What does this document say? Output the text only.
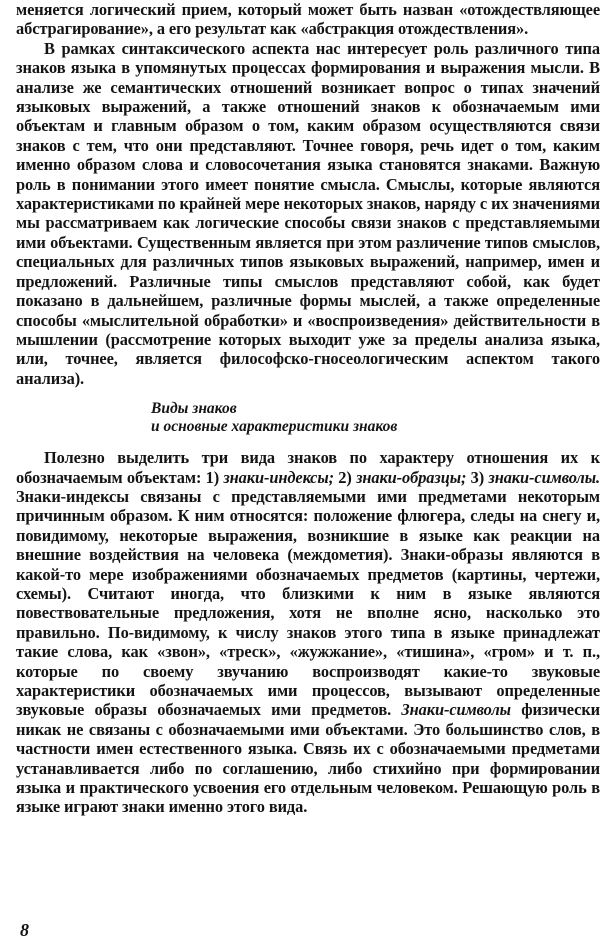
меняется логический прием, который может быть назван «отождествляющее абстрагирование», а его результат как «абстракция отождествления».

В рамках синтаксического аспекта нас интересует роль различного типа знаков языка в упомянутых процессах формирования и выражения мысли. В анализе же семантических отношений возникает вопрос о типах значений языковых выражений, а также отношений знаков к обозначаемым ими объектам и главным образом о том, каким образом осуществляются связи знаков с тем, что они представляют. Точнее говоря, речь идет о том, каким именно образом слова и словосочетания языка становятся знаками. Важную роль в понимании этого имеет понятие смысла. Смыслы, которые являются характеристиками по крайней мере некоторых знаков, наряду с их значениями мы рассматриваем как логические способы связи знаков с представляемыми ими объектами. Существенным является при этом различение типов смыслов, специальных для различных типов языковых выражений, например, имен и предложений. Различные типы смыслов представляют собой, как будет показано в дальнейшем, различные формы мыслей, а также определенные способы «мыслительной обработки» и «воспроизведения» действительности в мышлении (рассмотрение которых выходит уже за пределы анализа языка, или, точнее, является философско-гносеологическим аспектом такого анализа).

Виды знаков
и основные характеристики знаков

Полезно выделить три вида знаков по характеру отношения их к обозначаемым объектам: 1) знаки-индексы; 2) знаки-образцы; 3) знаки-символы. Знаки-индексы связаны с представляемыми ими предметами некоторым причинным образом. К ним относятся: положение флюгера, следы на снегу и, повидимому, некоторые выражения, возникшие в языке как реакции на внешние воздействия на человека (междометия). Знаки-образы являются в какой-то мере изображениями обозначаемых предметов (картины, чертежи, схемы). Считают иногда, что близкими к ним в языке являются повествовательные предложения, хотя не вполне ясно, насколько это правильно. По-видимому, к числу знаков этого типа в языке принадлежат такие слова, как «звон», «треск», «жужжание», «тишина», «гром» и т. п., которые по своему звучанию воспроизводят какие-то звуковые характеристики обозначаемых ими процессов, вызывают определенные звуковые образы обозначаемых ими предметов. Знаки-символы физически никак не связаны с обозначаемыми ими объектами. Это большинство слов, в частности имен естественного языка. Связь их с обозначаемыми предметами устанавливается либо по соглашению, либо стихийно при формировании языка и практического усвоения его отдельным человеком. Решающую роль в языке играют знаки именно этого вида.

8
